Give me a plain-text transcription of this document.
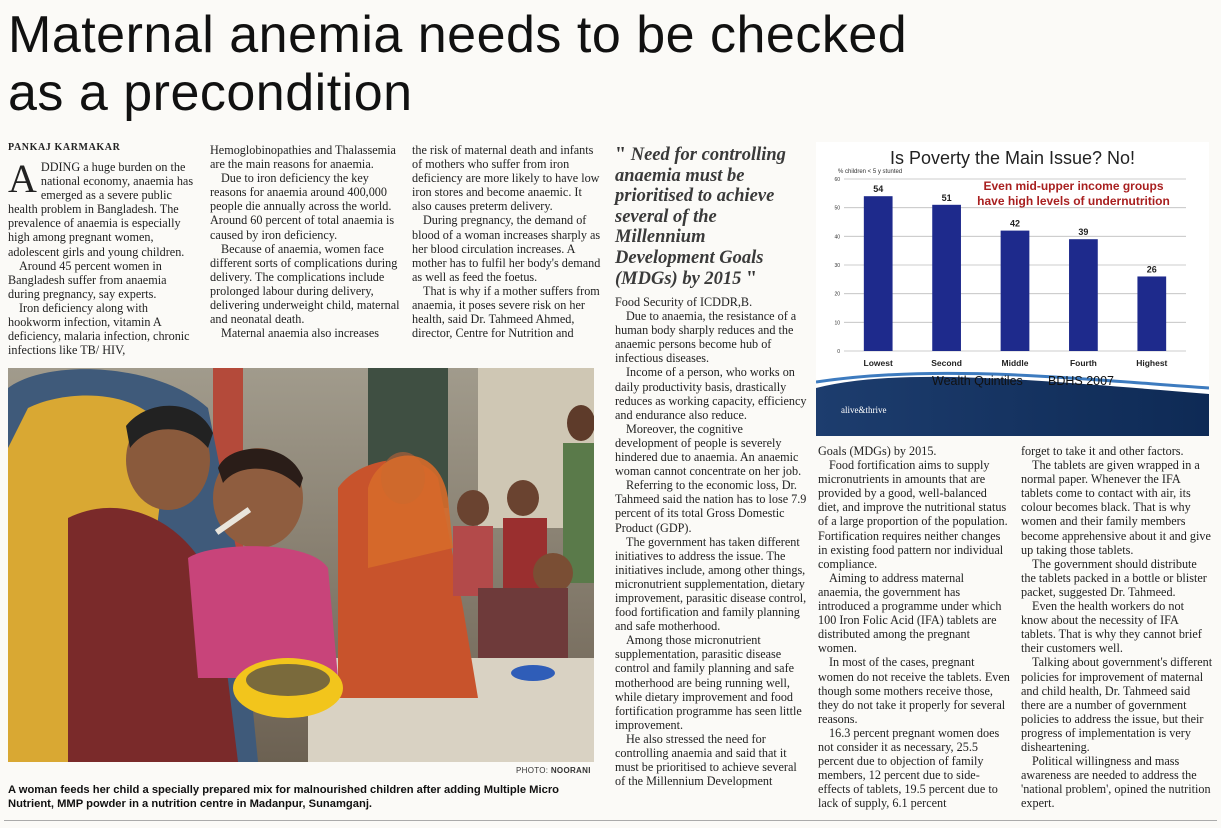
Maternal anemia needs to be checked
as a precondition
PANKAJ KARMAKAR

ADDING a huge burden on the national economy, anaemia has emerged as a severe public health problem in Bangladesh. The prevalence of anaemia is especially high among pregnant women, adolescent girls and young children.

Around 45 percent women in Bangladesh suffer from anaemia during pregnancy, say experts.

Iron deficiency along with hookworm infection, vitamin A deficiency, malaria infection, chronic infections like TB/ HIV,

Hemoglobinopathies and Thalassemia are the main reasons for anaemia.

Due to iron deficiency the key reasons for anaemia around 400,000 people die annually across the world. Around 60 percent of total anaemia is caused by iron deficiency.

Because of anaemia, women face different sorts of complications during delivery. The complications include prolonged labour during delivery, delivering underweight child, maternal and neonatal death.

Maternal anaemia also increases

the risk of maternal death and infants of mothers who suffer from iron deficiency are more likely to have low iron stores and become anaemic. It also causes preterm delivery.

During pregnancy, the demand of blood of a woman increases sharply as her blood circulation increases. A mother has to fulfil her body's demand as well as feed the foetus.

That is why if a mother suffers from anaemia, it poses severe risk on her health, said Dr. Tahmeed Ahmed, director, Centre for Nutrition and

" Need for controlling anaemia must be prioritised to achieve several of the Millennium Development Goals (MDGs) by 2015 "

Food Security of ICDDR,B.

Due to anaemia, the resistance of a human body sharply reduces and the anaemic persons become hub of infectious diseases.

Income of a person, who works on daily productivity basis, drastically reduces as working capacity, efficiency and endurance also reduce.

Moreover, the cognitive development of people is severely hindered due to anaemia. An anaemic woman cannot concentrate on her job.

Referring to the economic loss, Dr. Tahmeed said the nation has to lose 7.9 percent of its total Gross Domestic Product (GDP).

The government has taken different initiatives to address the issue. The initiatives include, among other things, micronutrient supplementation, dietary improvement, parasitic disease control, food fortification and family planning and safe motherhood.

Among those micronutrient supplementation, parasitic disease control and family planning and safe motherhood are being running well, while dietary improvement and food fortification programme has seen little improvement.

He also stressed the need for controlling anaemia and said that it must be prioritised to achieve several of the Millennium Development

Goals (MDGs) by 2015.

Food fortification aims to supply micronutrients in amounts that are provided by a good, well-balanced diet, and improve the nutritional status of a large proportion of the population. Fortification requires neither changes in existing food pattern nor individual compliance.

Aiming to address maternal anaemia, the government has introduced a programme under which 100 Iron Folic Acid (IFA) tablets are distributed among the pregnant women.

In most of the cases, pregnant women do not receive the tablets. Even though some mothers receive those, they do not take it properly for several reasons.

16.3 percent pregnant women does not consider it as necessary, 25.5 percent due to objection of family members, 12 percent due to side-effects of tablets, 19.5 percent due to lack of supply, 6.1 percent

forget to take it and other factors.

The tablets are given wrapped in a normal paper. Whenever the IFA tablets come to contact with air, its colour becomes black. That is why women and their family members become apprehensive about it and give up taking those tablets.

The government should distribute the tablets packed in a bottle or blister packet, suggested Dr. Tahmeed.

Even the health workers do not know about the necessity of IFA tablets. That is why they cannot brief their customers well.

Talking about government's different policies for improvement of maternal and child health, Dr. Tahmeed said there are a number of government policies to address the issue, but their progress of implementation is very disheartening.

Political willingness and mass awareness are needed to address the 'national problem', opined the nutrition expert.

PHOTO: NOORANI
A woman feeds her child a specially prepared mix for malnourished children after adding Multiple Micro Nutrient, MMP powder in a nutrition centre in Madanpur, Sunamganj.
Is Poverty the Main Issue? No!
% children < 5 y stunted
0
10
20
30
40
50
60
54
Lowest
51
Second
42
Middle
39
Fourth
26
Highest
Even mid-upper income groups
have high levels of undernutrition
Wealth Quintiles BDHS 2007
alive&thrive
